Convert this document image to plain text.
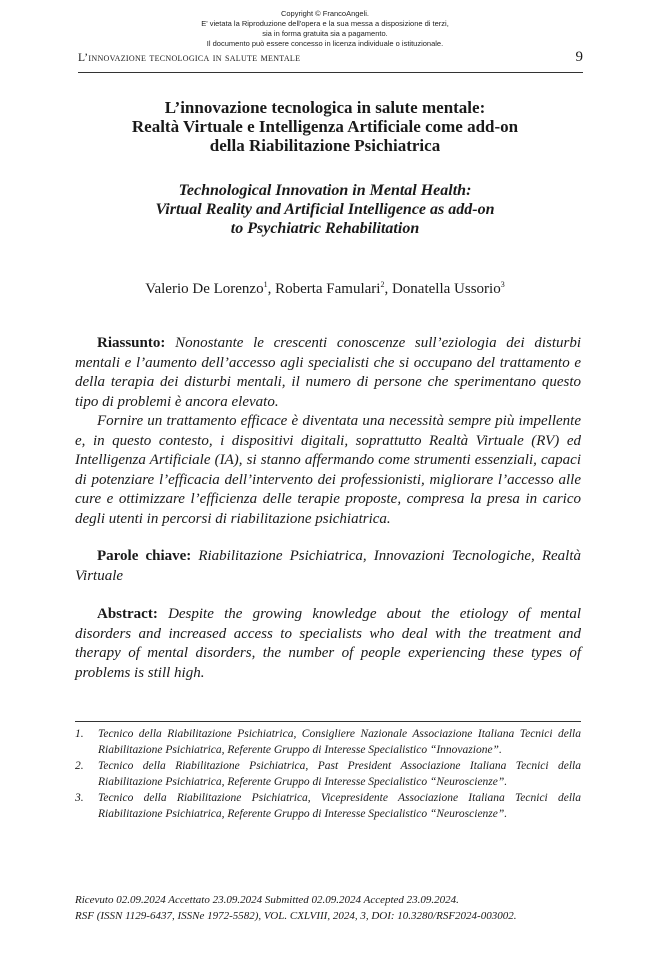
Copyright © FrancoAngeli.
E' vietata la Riproduzione dell'opera e la sua messa a disposizione di terzi,
sia in forma gratuita sia a pagamento.
Il documento può essere concesso in licenza individuale o istituzionale.
L’innovazione tecnologica in salute mentale	9
L’innovazione tecnologica in salute mentale:
Realtà Virtuale e Intelligenza Artificiale come add-on
della Riabilitazione Psichiatrica
Technological Innovation in Mental Health:
Virtual Reality and Artificial Intelligence as add-on
to Psychiatric Rehabilitation
Valerio De Lorenzo$^1$, Roberta Famulari$^2$, Donatella Ussorio$^3$

Riassunto: Nonostante le crescenti conoscenze sull’eziologia dei disturbi mentali e l’aumento dell’accesso agli specialisti che si occupano del trattamento e della terapia dei disturbi mentali, il numero di persone che sperimentano questo tipo di problemi è ancora elevato.

Fornire un trattamento efficace è diventata una necessità sempre più impellente e, in questo contesto, i dispositivi digitali, soprattutto Realtà Virtuale (RV) ed Intelligenza Artificiale (IA), si stanno affermando come strumenti essenziali, capaci di potenziare l’efficacia dell’intervento dei professionisti, migliorare l’accesso alle cure e ottimizzare l’efficienza delle terapie proposte, compresa la presa in carico degli utenti in percorsi di riabilitazione psichiatrica.

Parole chiave: Riabilitazione Psichiatrica, Innovazioni Tecnologiche, Realtà Virtuale

Abstract: Despite the growing knowledge about the etiology of mental disorders and increased access to specialists who deal with the treatment and therapy of mental disorders, the number of people experiencing these types of problems is still high.

1. Tecnico della Riabilitazione Psichiatrica, Consigliere Nazionale Associazione Italiana Tecnici della Riabilitazione Psichiatrica, Referente Gruppo di Interesse Specialistico “Innovazione”.
2. Tecnico della Riabilitazione Psichiatrica, Past President Associazione Italiana Tecnici della Riabilitazione Psichiatrica, Referente Gruppo di Interesse Specialistico “Neuroscienze”.
3. Tecnico della Riabilitazione Psichiatrica, Vicepresidente Associazione Italiana Tecnici della Riabilitazione Psichiatrica, Referente Gruppo di Interesse Specialistico “Neuroscienze”.
Ricevuto 02.09.2024 Accettato 23.09.2024 Submitted 02.09.2024 Accepted 23.09.2024.
RSF (ISSN 1129-6437, ISSNe 1972-5582), VOL. CXLVIII, 2024, 3, DOI: 10.3280/RSF2024-003002.
